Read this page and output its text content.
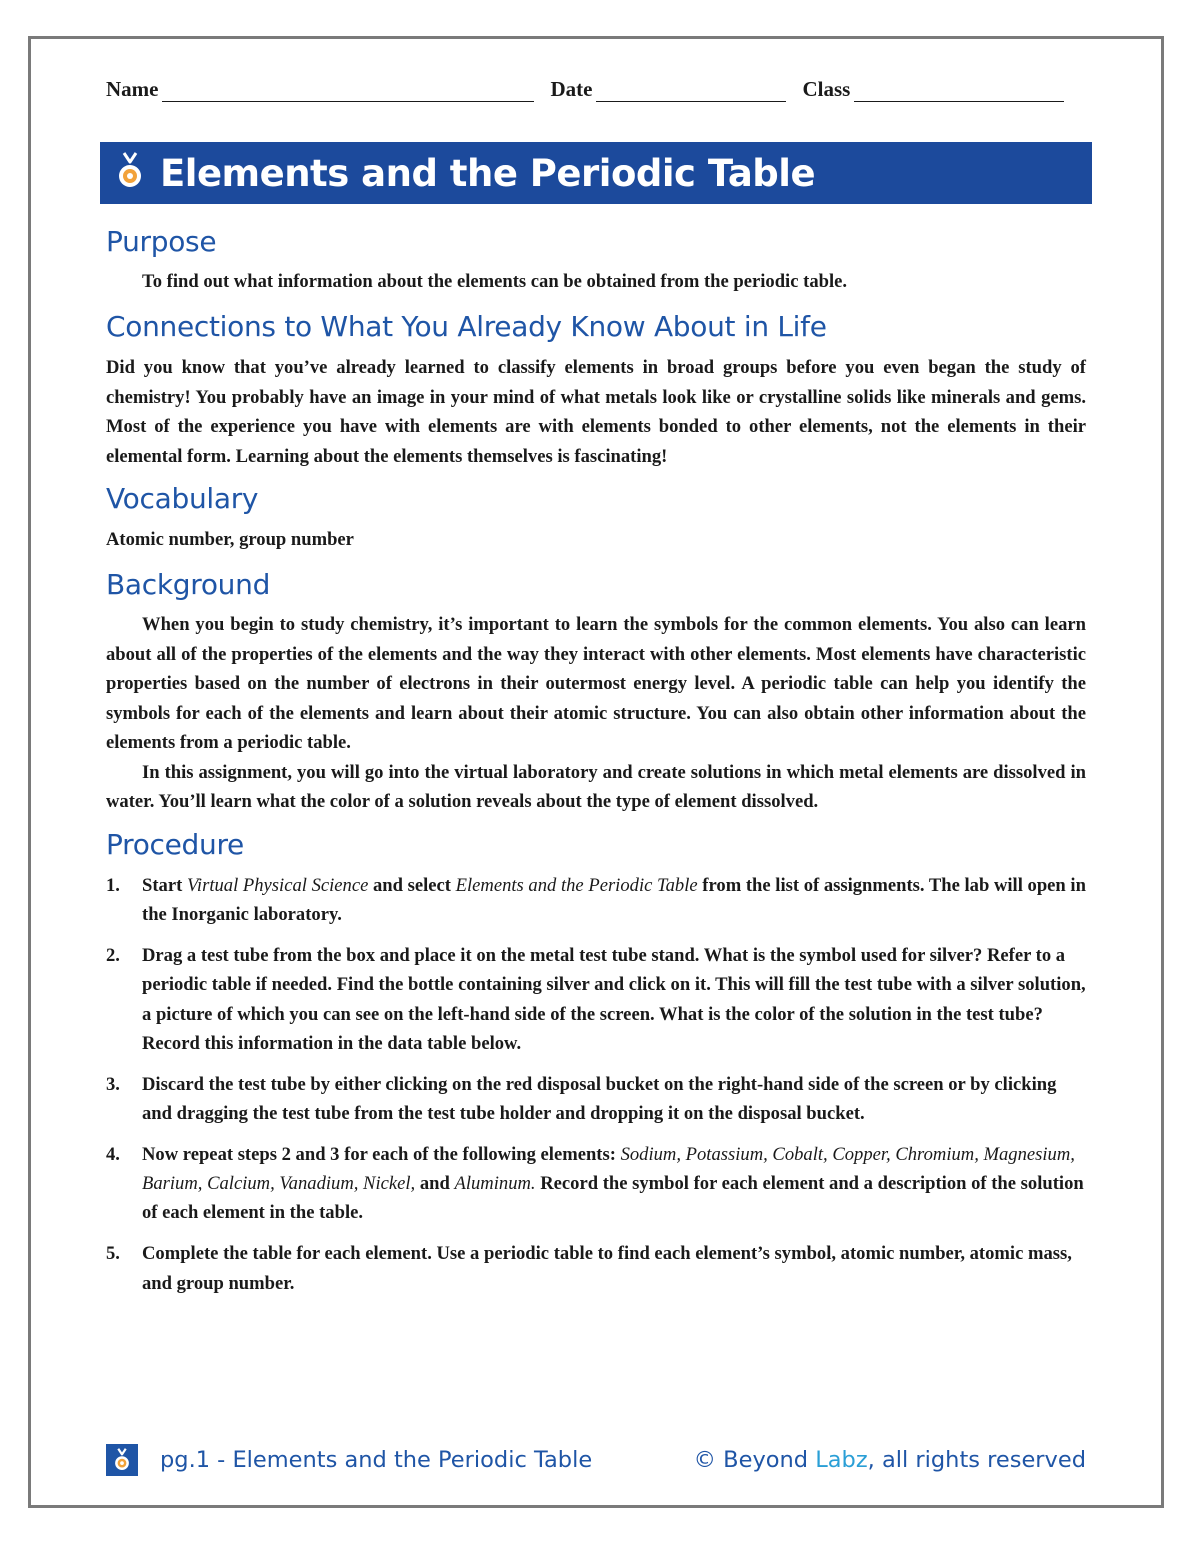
Name	Date	Class
Elements and the Periodic Table
Purpose

To find out what information about the elements can be obtained from the periodic table.

Connections to What You Already Know About in Life

Did you know that you’ve already learned to classify elements in broad groups before you even began the study of chemistry! You probably have an image in your mind of what metals look like or crystalline solids like minerals and gems. Most of the experience you have with elements are with elements bonded to other elements, not the elements in their elemental form. Learning about the elements themselves is fascinating!

Vocabulary

Atomic number, group number

Background

When you begin to study chemistry, it’s important to learn the symbols for the common elements. You also can learn about all of the properties of the elements and the way they interact with other elements. Most elements have characteristic properties based on the number of electrons in their outermost energy level. A periodic table can help you identify the symbols for each of the elements and learn about their atomic structure. You can also obtain other information about the elements from a periodic table.

In this assignment, you will go into the virtual laboratory and create solutions in which metal elements are dissolved in water. You’ll learn what the color of a solution reveals about the type of element dissolved.

Procedure
1. Start Virtual Physical Science and select Elements and the Periodic Table from the list of assignments. The lab will open in the Inorganic laboratory.
2. Drag a test tube from the box and place it on the metal test tube stand. What is the symbol used for silver? Refer to a periodic table if needed. Find the bottle containing silver and click on it. This will fill the test tube with a silver solution, a picture of which you can see on the left-hand side of the screen. What is the color of the solution in the test tube? Record this information in the data table below.
3. Discard the test tube by either clicking on the red disposal bucket on the right-hand side of the screen or by clicking and dragging the test tube from the test tube holder and dropping it on the disposal bucket.
4. Now repeat steps 2 and 3 for each of the following elements: Sodium, Potassium, Cobalt, Copper, Chromium, Magnesium, Barium, Calcium, Vanadium, Nickel, and Aluminum. Record the symbol for each element and a description of the solution of each element in the table.
5. Complete the table for each element. Use a periodic table to find each element’s symbol, atomic number, atomic mass, and group number.
pg.1 - Elements and the Periodic Table	© Beyond Labz, all rights reserved
